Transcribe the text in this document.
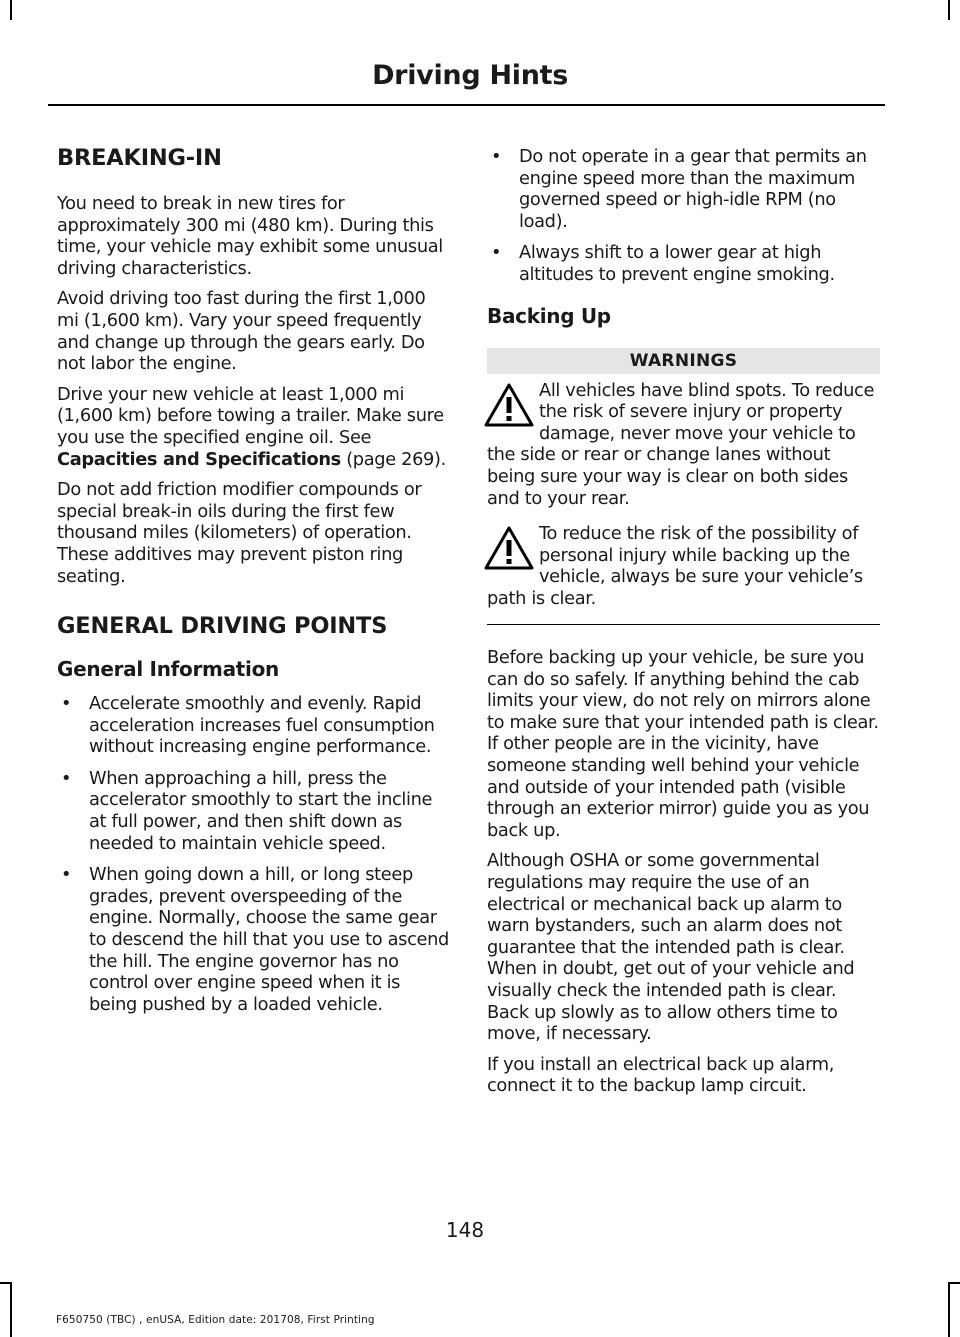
Driving Hints
BREAKING-IN

You need to break in new tires for approximately 300 mi (480 km). During this time, your vehicle may exhibit some unusual driving characteristics.

Avoid driving too fast during the first 1,000 mi (1,600 km). Vary your speed frequently and change up through the gears early. Do not labor the engine.

Drive your new vehicle at least 1,000 mi (1,600 km) before towing a trailer. Make sure you use the specified engine oil. See Capacities and Specifications (page 269).

Do not add friction modifier compounds or special break-in oils during the first few thousand miles (kilometers) of operation. These additives may prevent piston ring seating.

GENERAL DRIVING POINTS
General Information
• Accelerate smoothly and evenly. Rapid acceleration increases fuel consumption without increasing engine performance.
• When approaching a hill, press the accelerator smoothly to start the incline at full power, and then shift down as needed to maintain vehicle speed.
• When going down a hill, or long steep grades, prevent overspeeding of the engine. Normally, choose the same gear to descend the hill that you use to ascend the hill. The engine governor has no control over engine speed when it is being pushed by a loaded vehicle.
• Do not operate in a gear that permits an engine speed more than the maximum governed speed or high-idle RPM (no load).
• Always shift to a lower gear at high altitudes to prevent engine smoking.
Backing Up
WARNINGS
All vehicles have blind spots. To reduce the risk of severe injury or property damage, never move your vehicle to the side or rear or change lanes without being sure your way is clear on both sides and to your rear.
To reduce the risk of the possibility of personal injury while backing up the vehicle, always be sure your vehicle’s path is clear.

Before backing up your vehicle, be sure you can do so safely. If anything behind the cab limits your view, do not rely on mirrors alone to make sure that your intended path is clear. If other people are in the vicinity, have someone standing well behind your vehicle and outside of your intended path (visible through an exterior mirror) guide you as you back up.

Although OSHA or some governmental regulations may require the use of an electrical or mechanical back up alarm to warn bystanders, such an alarm does not guarantee that the intended path is clear. When in doubt, get out of your vehicle and visually check the intended path is clear. Back up slowly as to allow others time to move, if necessary.

If you install an electrical back up alarm, connect it to the backup lamp circuit.

148
F650750 (TBC) , enUSA, Edition date: 201708, First Printing
